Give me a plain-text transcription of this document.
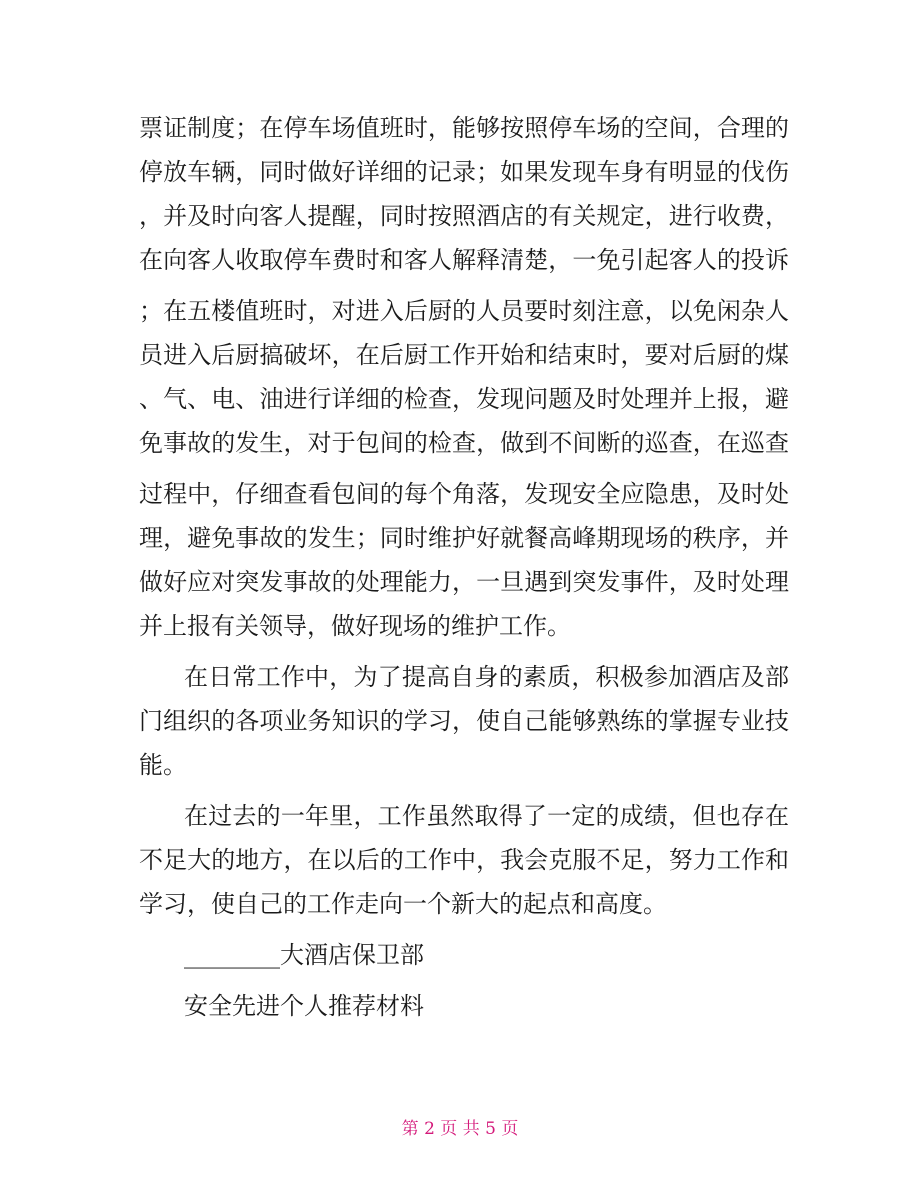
票证制度；在停车场值班时，能够按照停车场的空间，合理的
停放车辆，同时做好详细的记录；如果发现车身有明显的伐伤
，并及时向客人提醒，同时按照酒店的有关规定，进行收费，
在向客人收取停车费时和客人解释清楚，一免引起客人的投诉
；在五楼值班时，对进入后厨的人员要时刻注意，以免闲杂人
员进入后厨搞破坏，在后厨工作开始和结束时，要对后厨的煤
、气、电、油进行详细的检查，发现问题及时处理并上报，避
免事故的发生，对于包间的检查，做到不间断的巡查，在巡查
过程中，仔细查看包间的每个角落，发现安全应隐患，及时处
理，避免事故的发生；同时维护好就餐高峰期现场的秩序，并
做好应对突发事故的处理能力，一旦遇到突发事件，及时处理
并上报有关领导，做好现场的维护工作。
在日常工作中，为了提高自身的素质，积极参加酒店及部
门组织的各项业务知识的学习，使自己能够熟练的掌握专业技
能。
在过去的一年里，工作虽然取得了一定的成绩，但也存在
不足大的地方，在以后的工作中，我会克服不足，努力工作和
学习，使自己的工作走向一个新大的起点和高度。
________大酒店保卫部
安全先进个人推荐材料
第 2 页 共 5 页
